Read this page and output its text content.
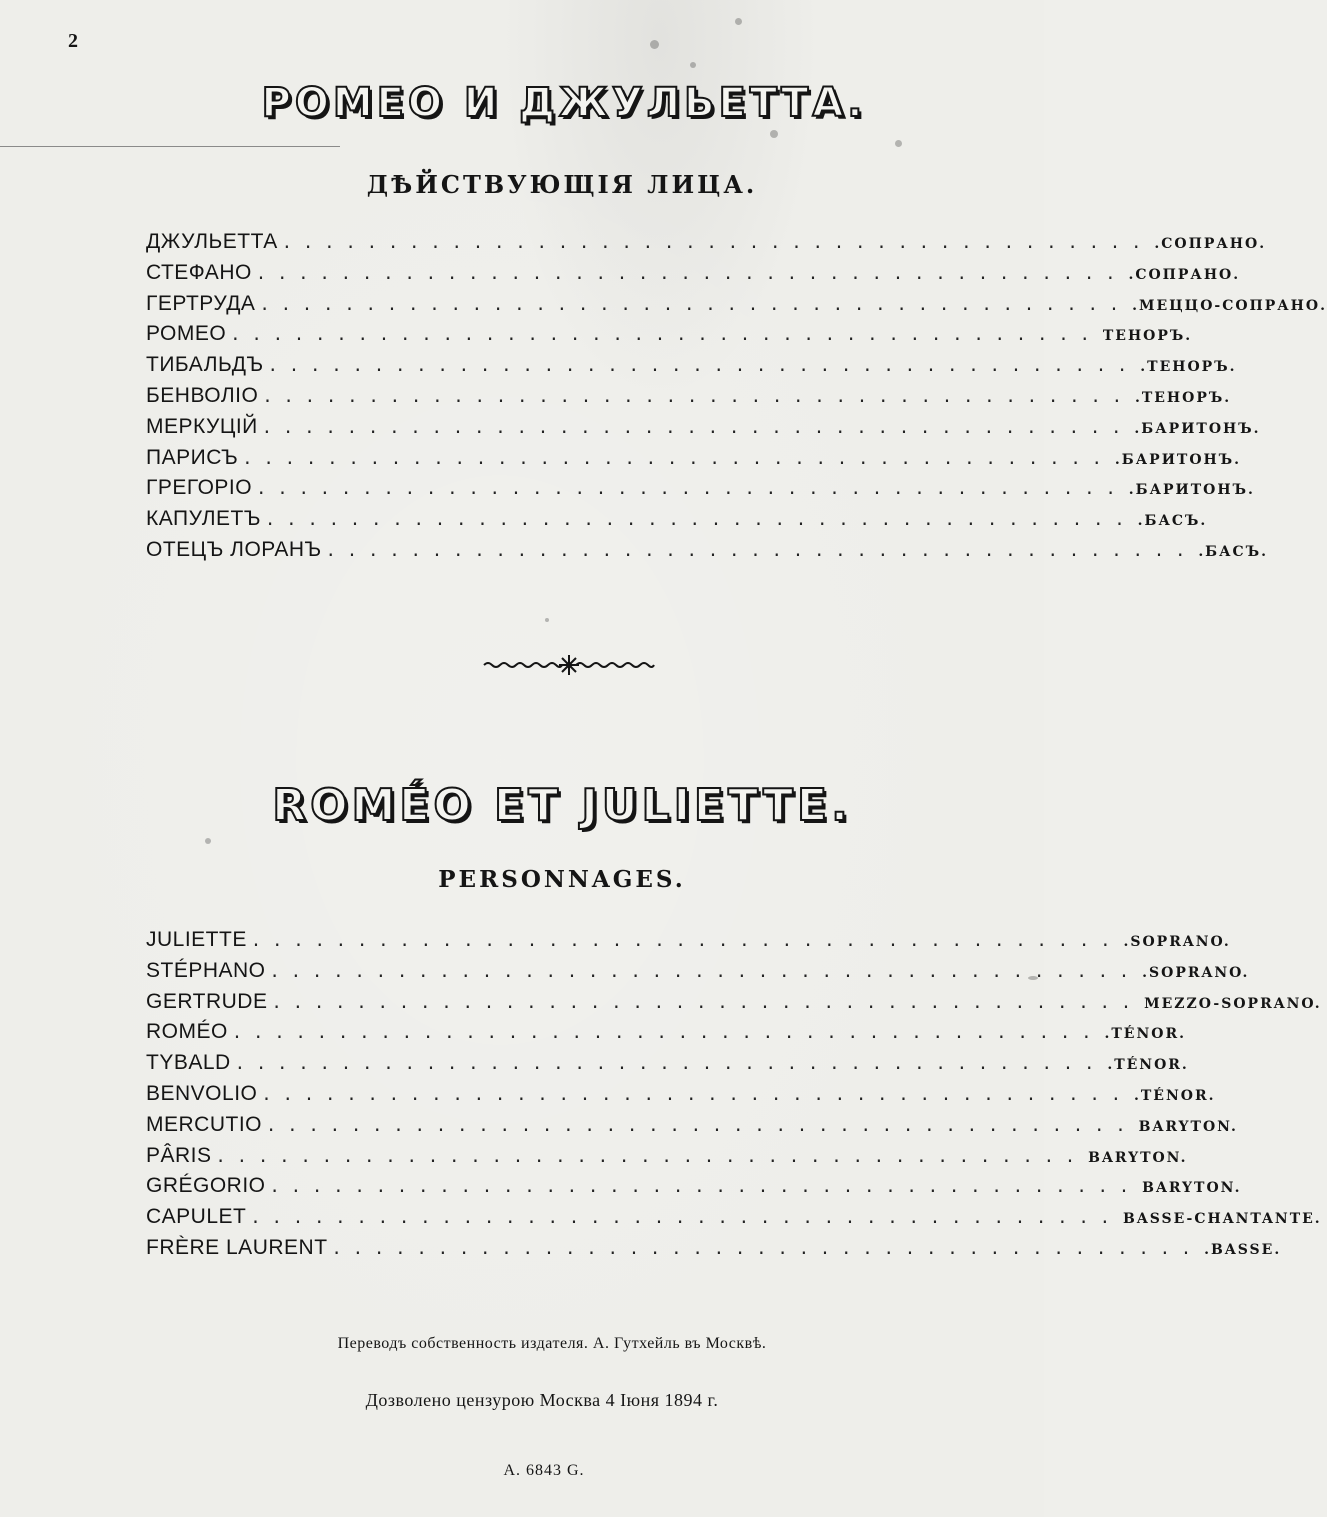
2
РОМЕО И ДЖУЛЬЕТТА.
ДѢЙСТВУЮЩIЯ ЛИЦА.
ДЖУЛЬЕТТА ......................................... .СОПРАНО.
СТЕФАНО ......................................... .СОПРАНО.
ГЕРТРУДА ......................................... .МЕЦЦО-СОПРАНО.
РОМЕО ......................................... ТЕНОРЪ.
ТИБАЛЬДЪ ......................................... .ТЕНОРЪ.
БЕНВОЛIО ......................................... .ТЕНОРЪ.
МЕРКУЦIЙ ......................................... .БАРИТОНЪ.
ПАРИСЪ ......................................... .БАРИТОНЪ.
ГРЕГОРIО ......................................... .БАРИТОНЪ.
КАПУЛЕТЪ ......................................... .БАСЪ.
ОТЕЦЪ ЛОРАНЪ ......................................... .БАСЪ.
ROMÉO ET JULIETTE.
PERSONNAGES.
JULIETTE ......................................... .SOPRANO.
STÉPHANO ......................................... .SOPRANO.
GERTRUDE ......................................... MEZZO-SOPRANO.
ROMÉO ......................................... .TÉNOR.
TYBALD ......................................... .TÉNOR.
BENVOLIO ......................................... .TÉNOR.
MERCUTIO ......................................... BARYTON.
PÂRIS ......................................... BARYTON.
GRÉGORIO ......................................... BARYTON.
CAPULET ......................................... BASSE-CHANTANTE.
FRÈRE LAURENT ......................................... .BASSE.
Переводъ собственность издателя. А. Гутхейль въ Москвѣ.
Дозволено цензурою Москва 4 Iюня 1894 г.
A. 6843 G.
